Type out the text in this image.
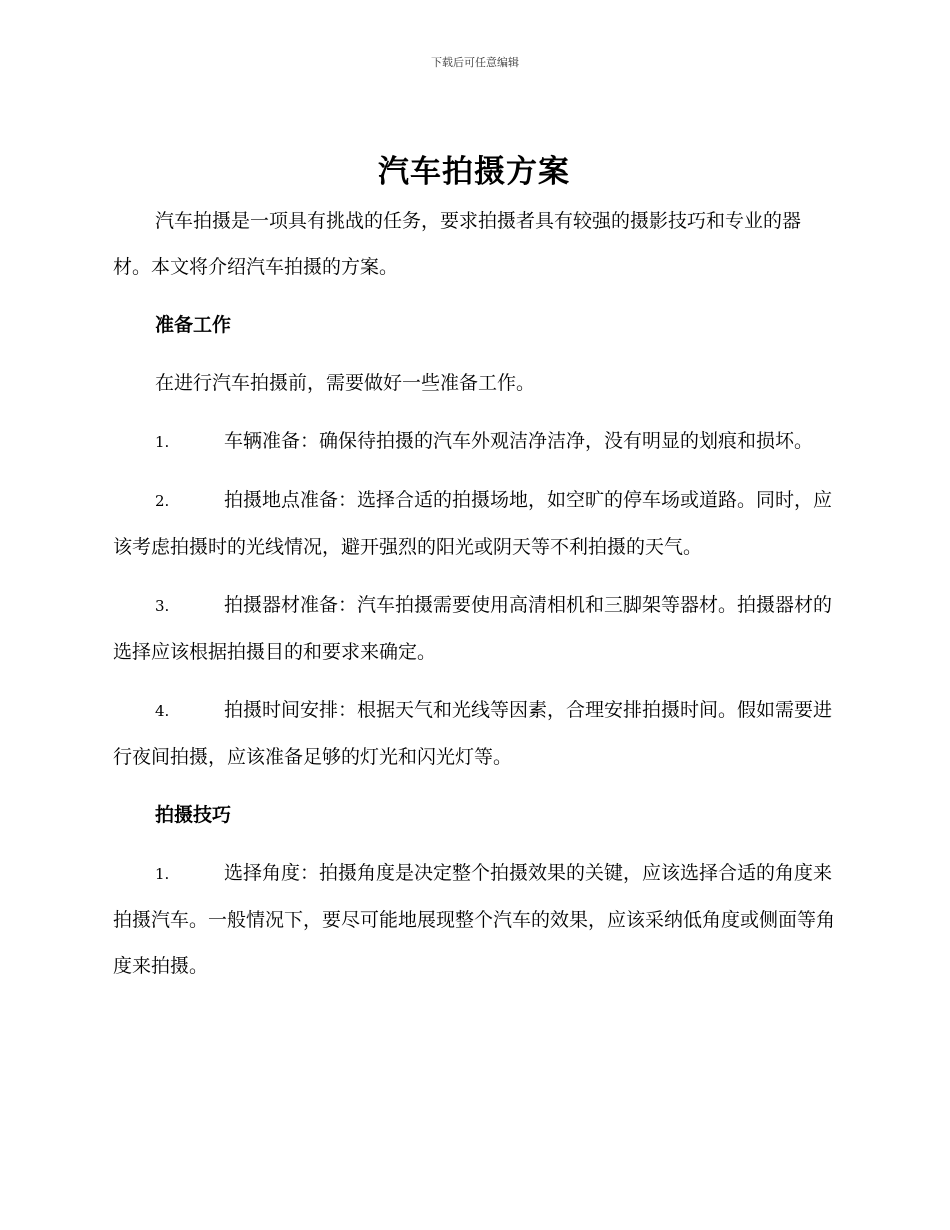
下载后可任意编辑
汽车拍摄方案

汽车拍摄是一项具有挑战的任务，要求拍摄者具有较强的摄影技巧和专业的器材。本文将介绍汽车拍摄的方案。

准备工作

在进行汽车拍摄前，需要做好一些准备工作。

1.	车辆准备：确保待拍摄的汽车外观洁净洁净，没有明显的划痕和损坏。

2.	拍摄地点准备：选择合适的拍摄场地，如空旷的停车场或道路。同时，应该考虑拍摄时的光线情况，避开强烈的阳光或阴天等不利拍摄的天气。

3.	拍摄器材准备：汽车拍摄需要使用高清相机和三脚架等器材。拍摄器材的选择应该根据拍摄目的和要求来确定。

4.	拍摄时间安排：根据天气和光线等因素，合理安排拍摄时间。假如需要进行夜间拍摄，应该准备足够的灯光和闪光灯等。

拍摄技巧

1.	选择角度：拍摄角度是决定整个拍摄效果的关键，应该选择合适的角度来拍摄汽车。一般情况下，要尽可能地展现整个汽车的效果，应该采纳低角度或侧面等角度来拍摄。
